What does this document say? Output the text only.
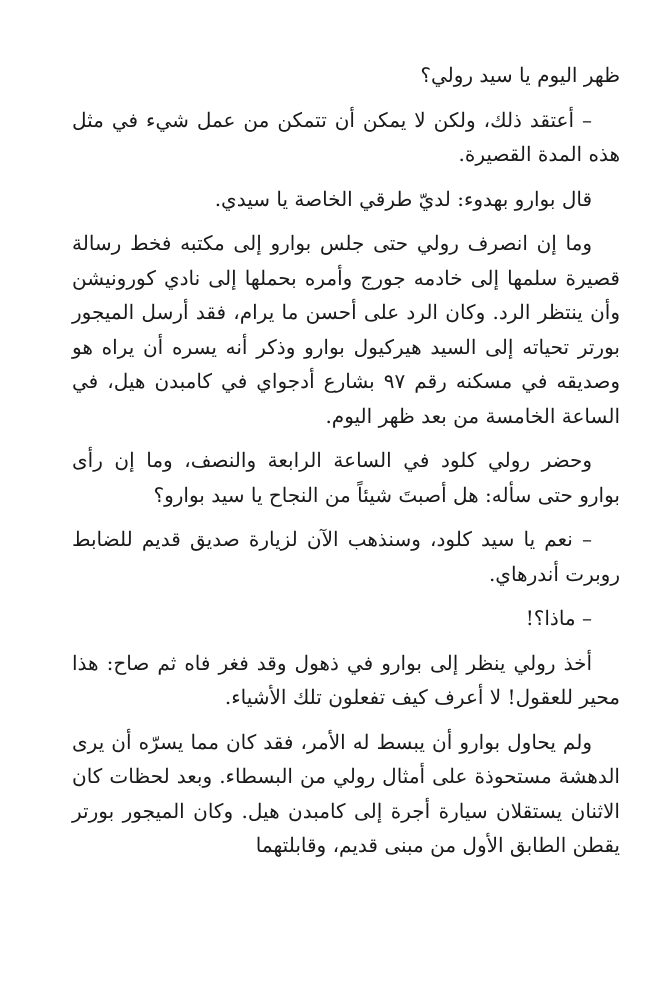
ظهر اليوم يا سيد رولي؟

– أعتقد ذلك، ولكن لا يمكن أن تتمكن من عمل شيء في مثل هذه المدة القصيرة.

قال بوارو بهدوء: لديّ طرقي الخاصة يا سيدي.

وما إن انصرف رولي حتى جلس بوارو إلى مكتبه فخط رسالة قصيرة سلمها إلى خادمه جورج وأمره بحملها إلى نادي كورونيشن وأن ينتظر الرد. وكان الرد على أحسن ما يرام، فقد أرسل الميجور بورتر تحياته إلى السيد هيركيول بوارو وذكر أنه يسره أن يراه هو وصديقه في مسكنه رقم ٩٧ بشارع أدجواي في كامبدن هيل، في الساعة الخامسة من بعد ظهر اليوم.

وحضر رولي كلود في الساعة الرابعة والنصف، وما إن رأى بوارو حتى سأله: هل أصبتَ شيئاً من النجاح يا سيد بوارو؟

– نعم يا سيد كلود، وسنذهب الآن لزيارة صديق قديم للضابط روبرت أندرهاي.

– ماذا؟!

أخذ رولي ينظر إلى بوارو في ذهول وقد فغر فاه ثم صاح: هذا محير للعقول! لا أعرف كيف تفعلون تلك الأشياء.

ولم يحاول بوارو أن يبسط له الأمر، فقد كان مما يسرّه أن يرى الدهشة مستحوذة على أمثال رولي من البسطاء. وبعد لحظات كان الاثنان يستقلان سيارة أجرة إلى كامبدن هيل. وكان الميجور بورتر يقطن الطابق الأول من مبنى قديم، وقابلتهما
